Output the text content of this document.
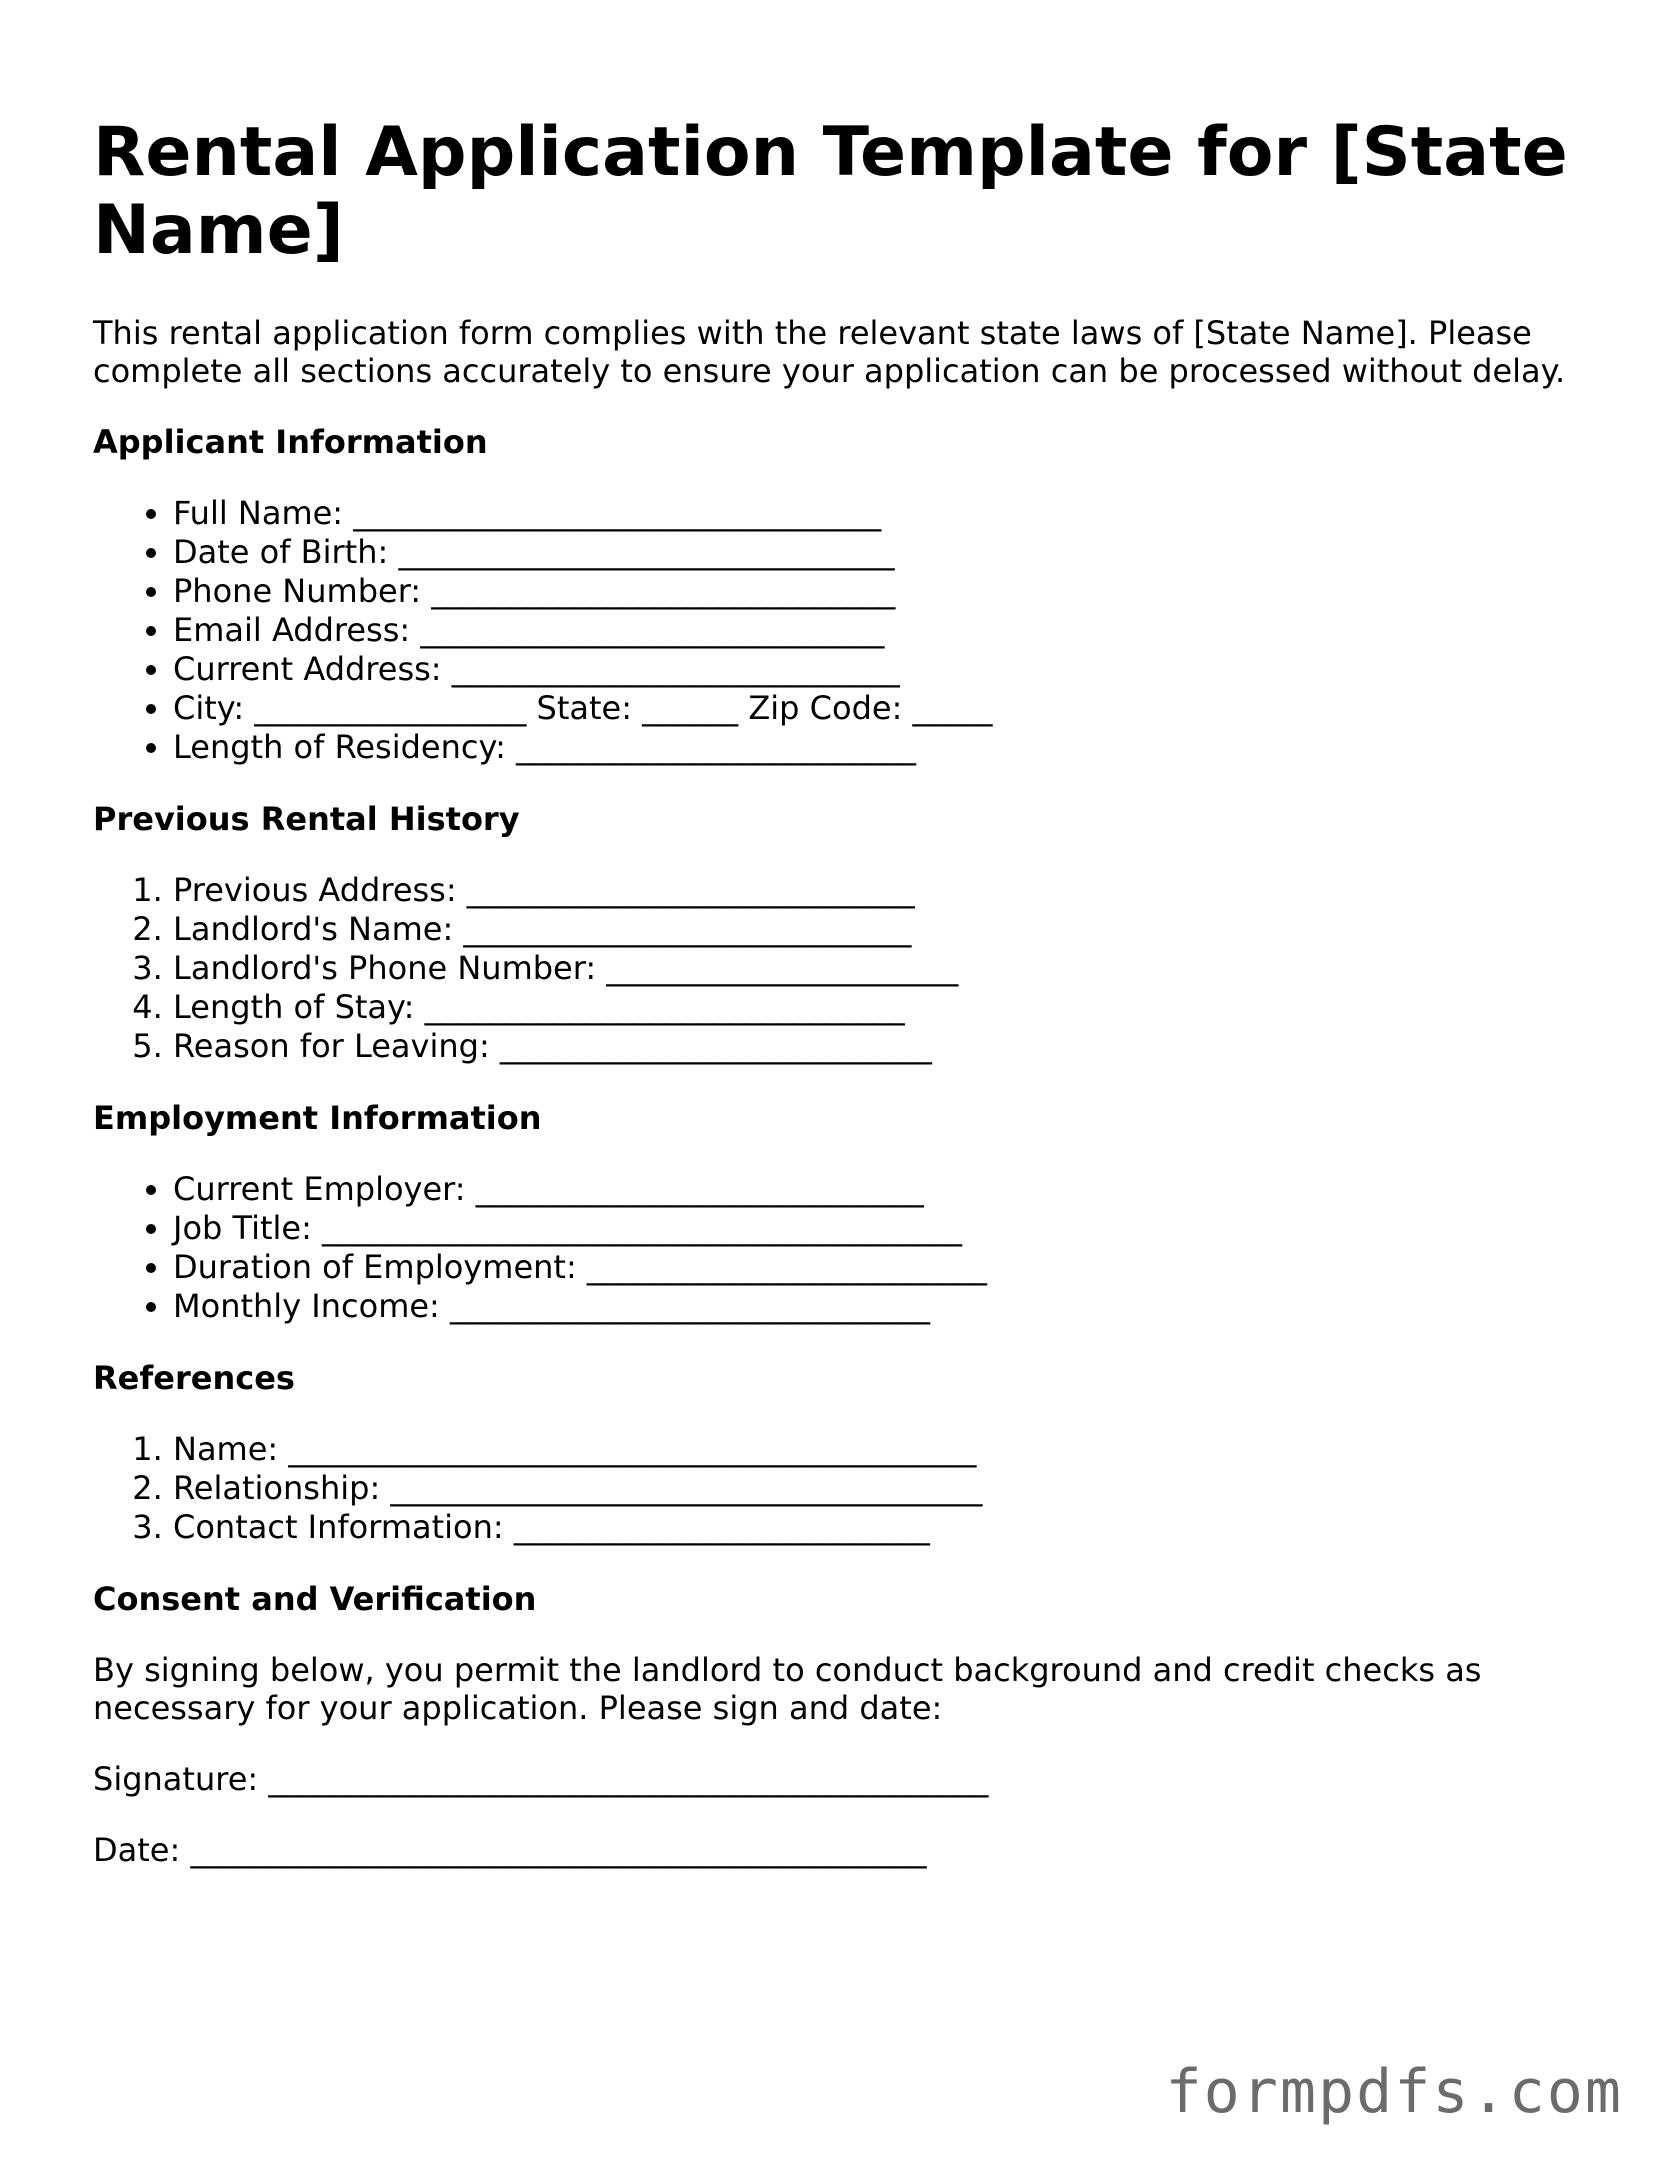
Rental Application Template for [State Name]

This rental application form complies with the relevant state laws of [State Name]. Please complete all sections accurately to ensure your application can be processed without delay.

Applicant Information
• Full Name: _________________________________
• Date of Birth: _______________________________
• Phone Number: _____________________________
• Email Address: _____________________________
• Current Address: ____________________________
• City: _________________ State: ______ Zip Code: _____
• Length of Residency: _________________________
Previous Rental History
1. Previous Address: ____________________________
2. Landlord's Name: ____________________________
3. Landlord's Phone Number: ______________________
4. Length of Stay: ______________________________
5. Reason for Leaving: ___________________________
Employment Information
• Current Employer: ____________________________
• Job Title: ________________________________________
• Duration of Employment: _________________________
• Monthly Income: ______________________________
References
1. Name: ___________________________________________
2. Relationship: _____________________________________
3. Contact Information: __________________________
Consent and Verification

By signing below, you permit the landlord to conduct background and credit checks as necessary for your application. Please sign and date:

Signature: _____________________________________________

Date: ______________________________________________

formpdfs.com
